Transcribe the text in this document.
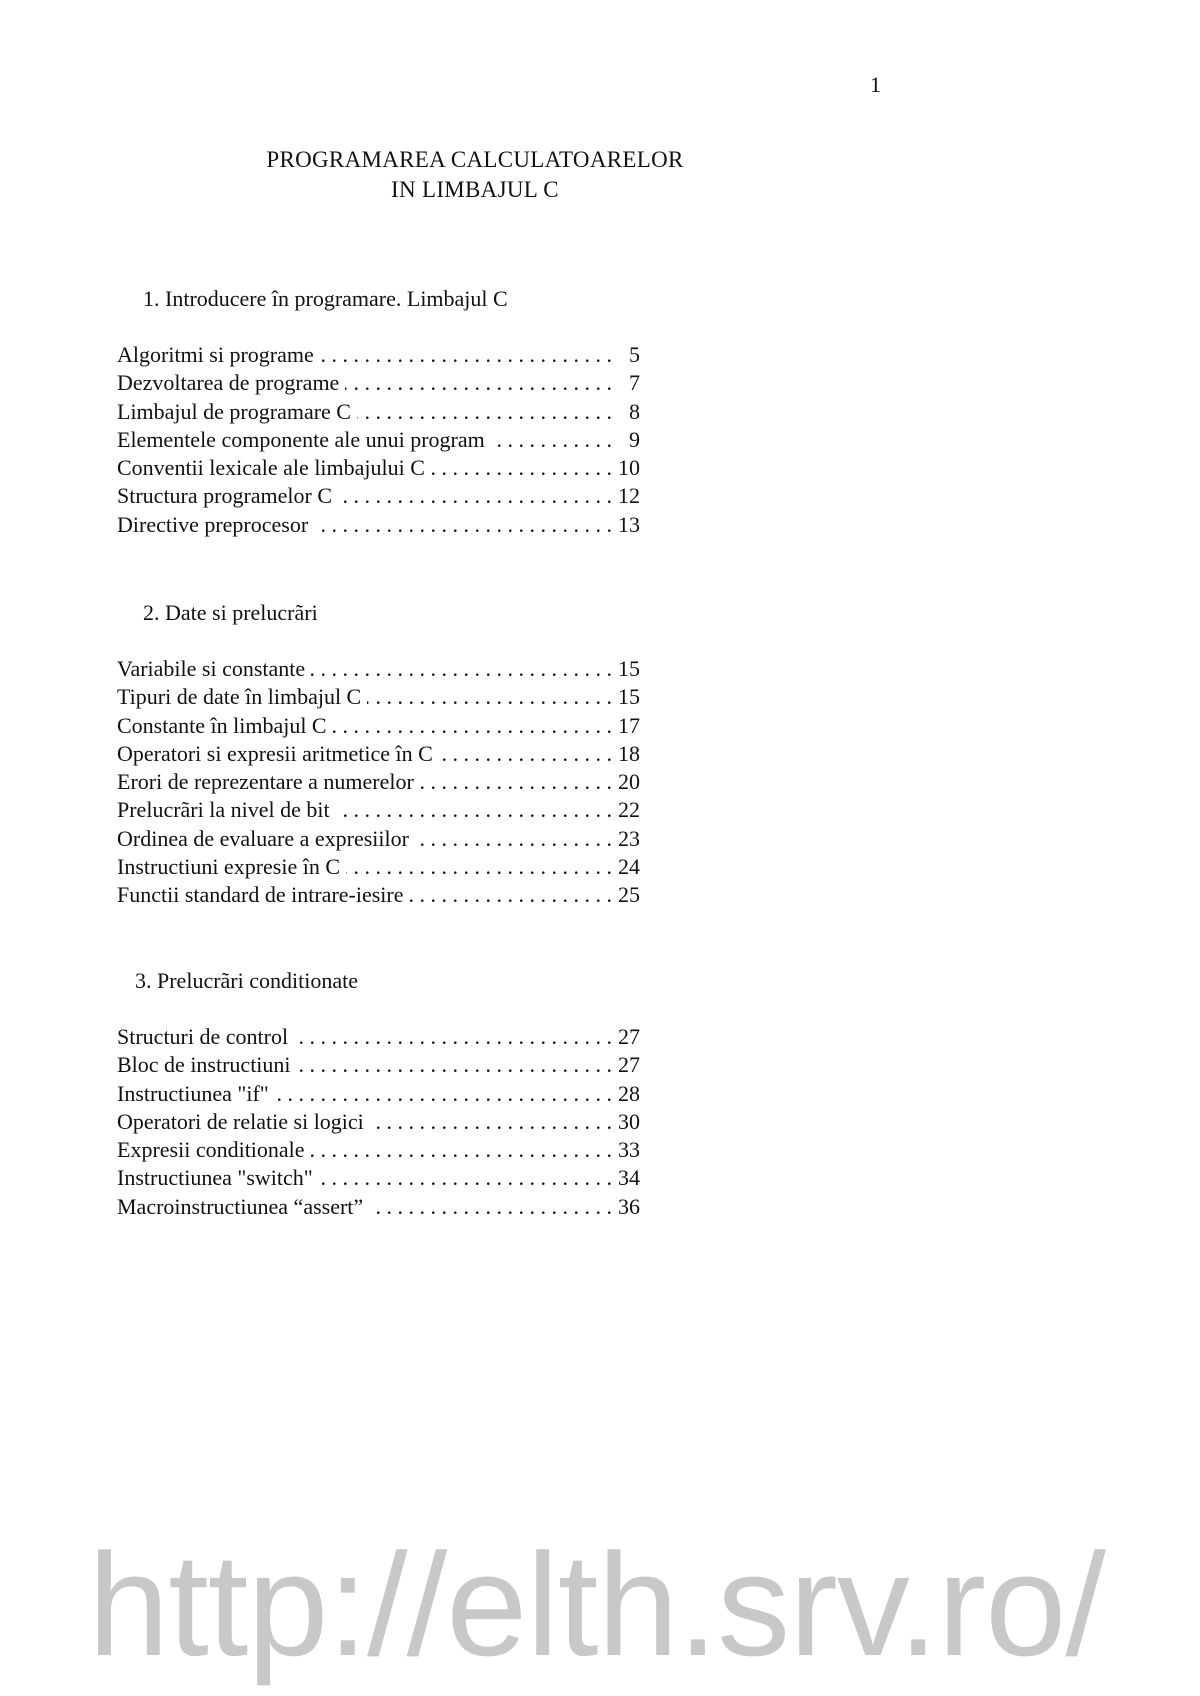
1
PROGRAMAREA CALCULATOARELOR
IN LIMBAJUL C
1. Introducere în programare. Limbajul C
Algoritmi si programe . . .	5
Dezvoltarea de programe . . .	7
Limbajul de programare C . . .	8
Elementele componente ale unui program . . .	9
Conventii lexicale ale limbajului C . . .	10
Structura programelor C . . .	12
Directive preprocesor . . .	13
2. Date si prelucrãri
Variabile si constante . . .	15
Tipuri de date în limbajul C . . .	15
Constante în limbajul C . . .	17
Operatori si expresii aritmetice în C . . .	18
Erori de reprezentare a numerelor . . .	20
Prelucrãri la nivel de bit . . .	22
Ordinea de evaluare a expresiilor . . .	23
Instructiuni expresie în C . . .	24
Functii standard de intrare-iesire . . .	25
3. Prelucrãri conditionate
Structuri de control . . .	27
Bloc de instructiuni . . .	27
Instructiunea "if" . . .	28
Operatori de relatie si logici . . .	30
Expresii conditionale . . .	33
Instructiunea "switch" . . .	34
Macroinstructiunea “assert” . . .	36
http://elth.srv.ro/
